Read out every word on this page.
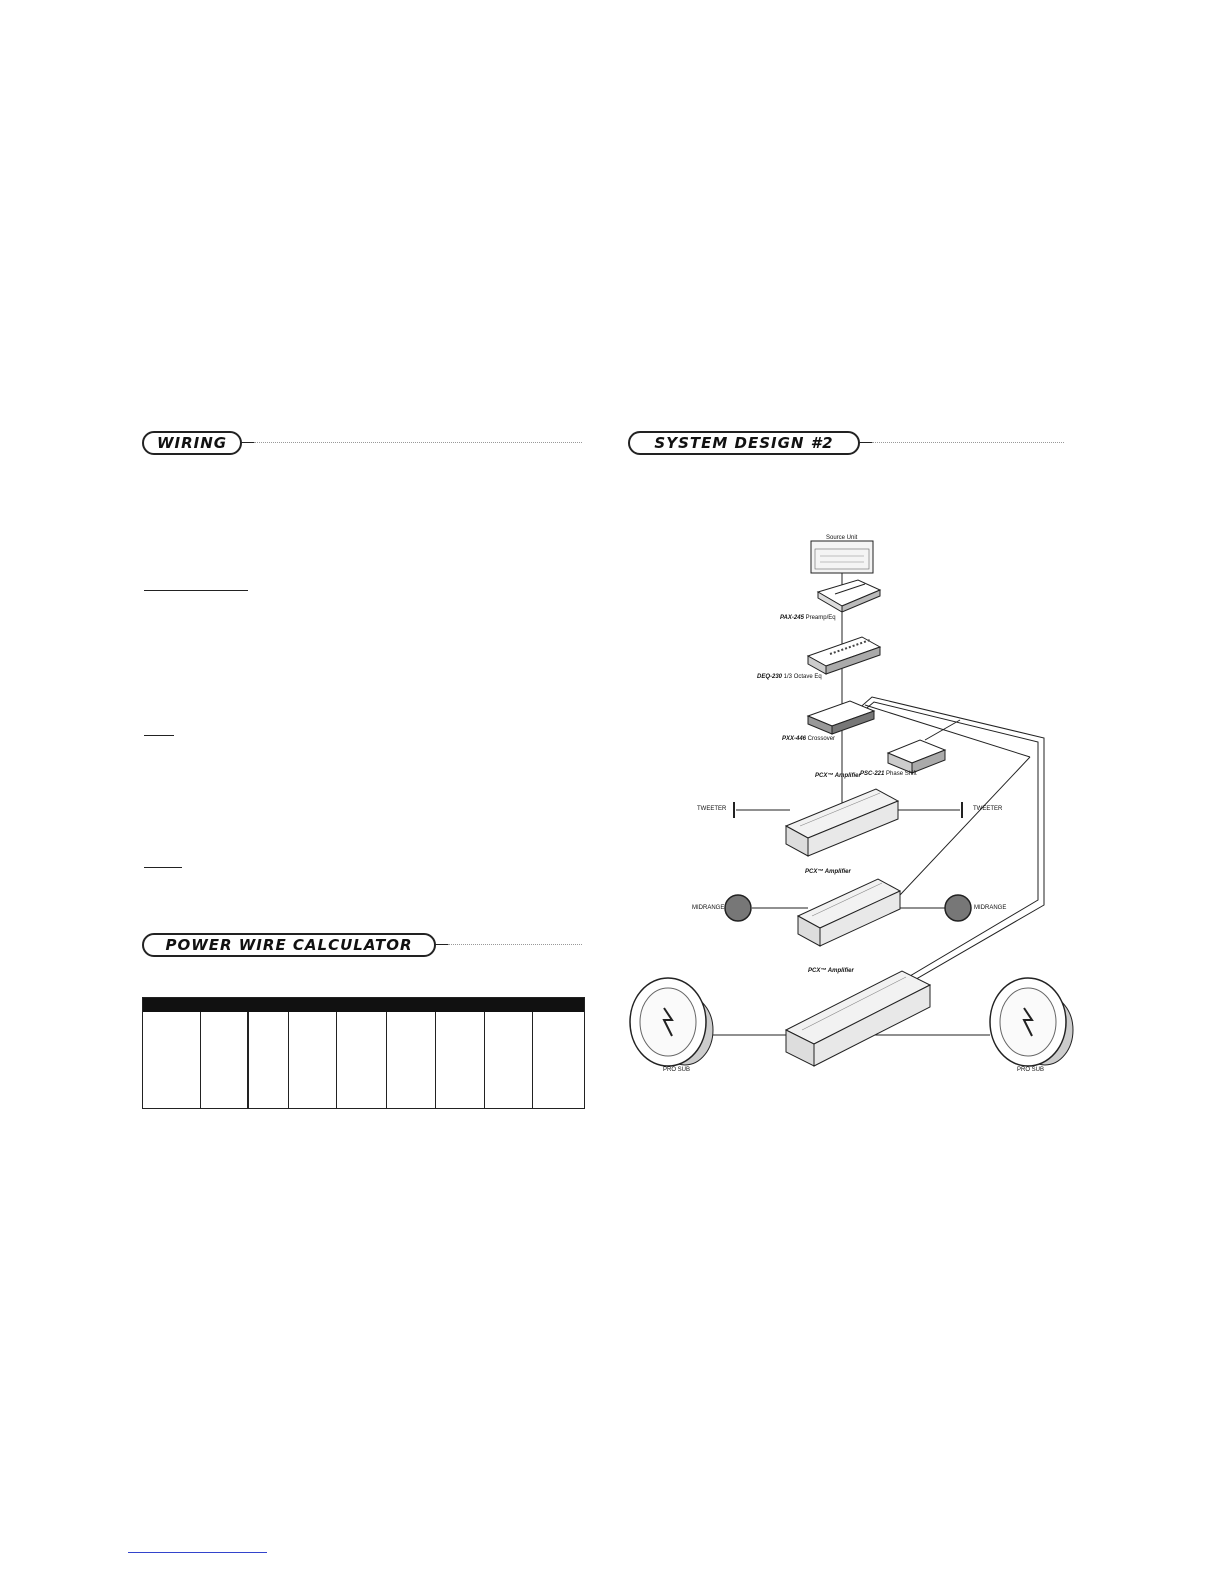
WIRING
POWER WIRE CALCULATOR
SYSTEM DESIGN #2
Source Unit
PAX-245 Preamp/Eq
DEQ-230 1/3 Octave Eq
PXX-446 Crossover
PSC-221 Phase Shift
PCX™ Amplifier
PCX™ Amplifier
PCX™ Amplifier
TWEETER	TWEETER
MIDRANGE	MIDRANGE
PRO SUB	PRO SUB
